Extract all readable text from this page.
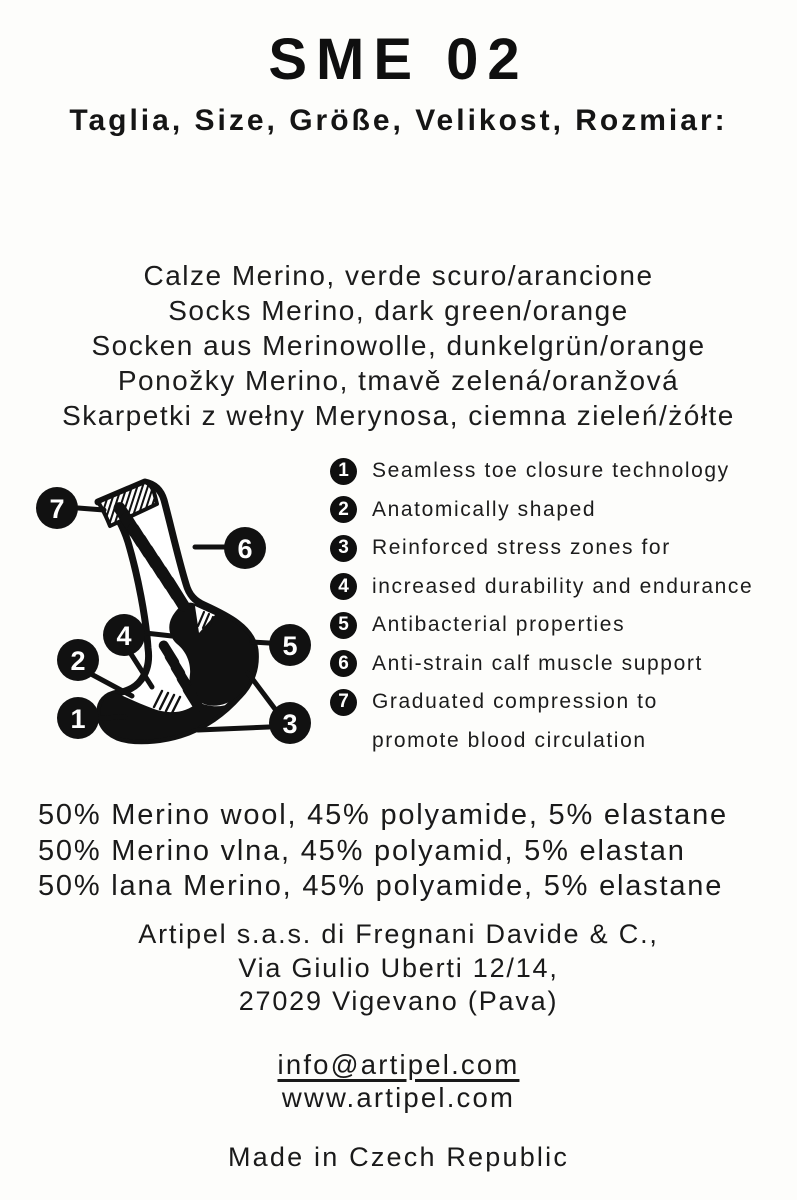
SME 02
Taglia, Size, Größe, Velikost, Rozmiar:

Calze Merino, verde scuro/arancione

Socks Merino, dark green/orange

Socken aus Merinowolle, dunkelgrün/orange

Ponožky Merino, tmavě zelená/oranžová

Skarpetki z wełny Merynosa, ciemna zieleń/żółte

7
6
4
2
1
5
3
1	Seamless toe closure technology
2	Anatomically shaped
3	Reinforced stress zones for
4	increased durability and endurance
5	Antibacterial properties
6	Anti-strain calf muscle support
7	Graduated compression to
promote blood circulation

50% Merino wool, 45% polyamide, 5% elastane

50% Merino vlna, 45% polyamid, 5% elastan

50% lana Merino, 45% polyamide, 5% elastane

Artipel s.a.s. di Fregnani Davide & C.,

Via Giulio Uberti 12/14,

27029 Vigevano (Pava)

info@artipel.com

www.artipel.com

Made in Czech Republic
